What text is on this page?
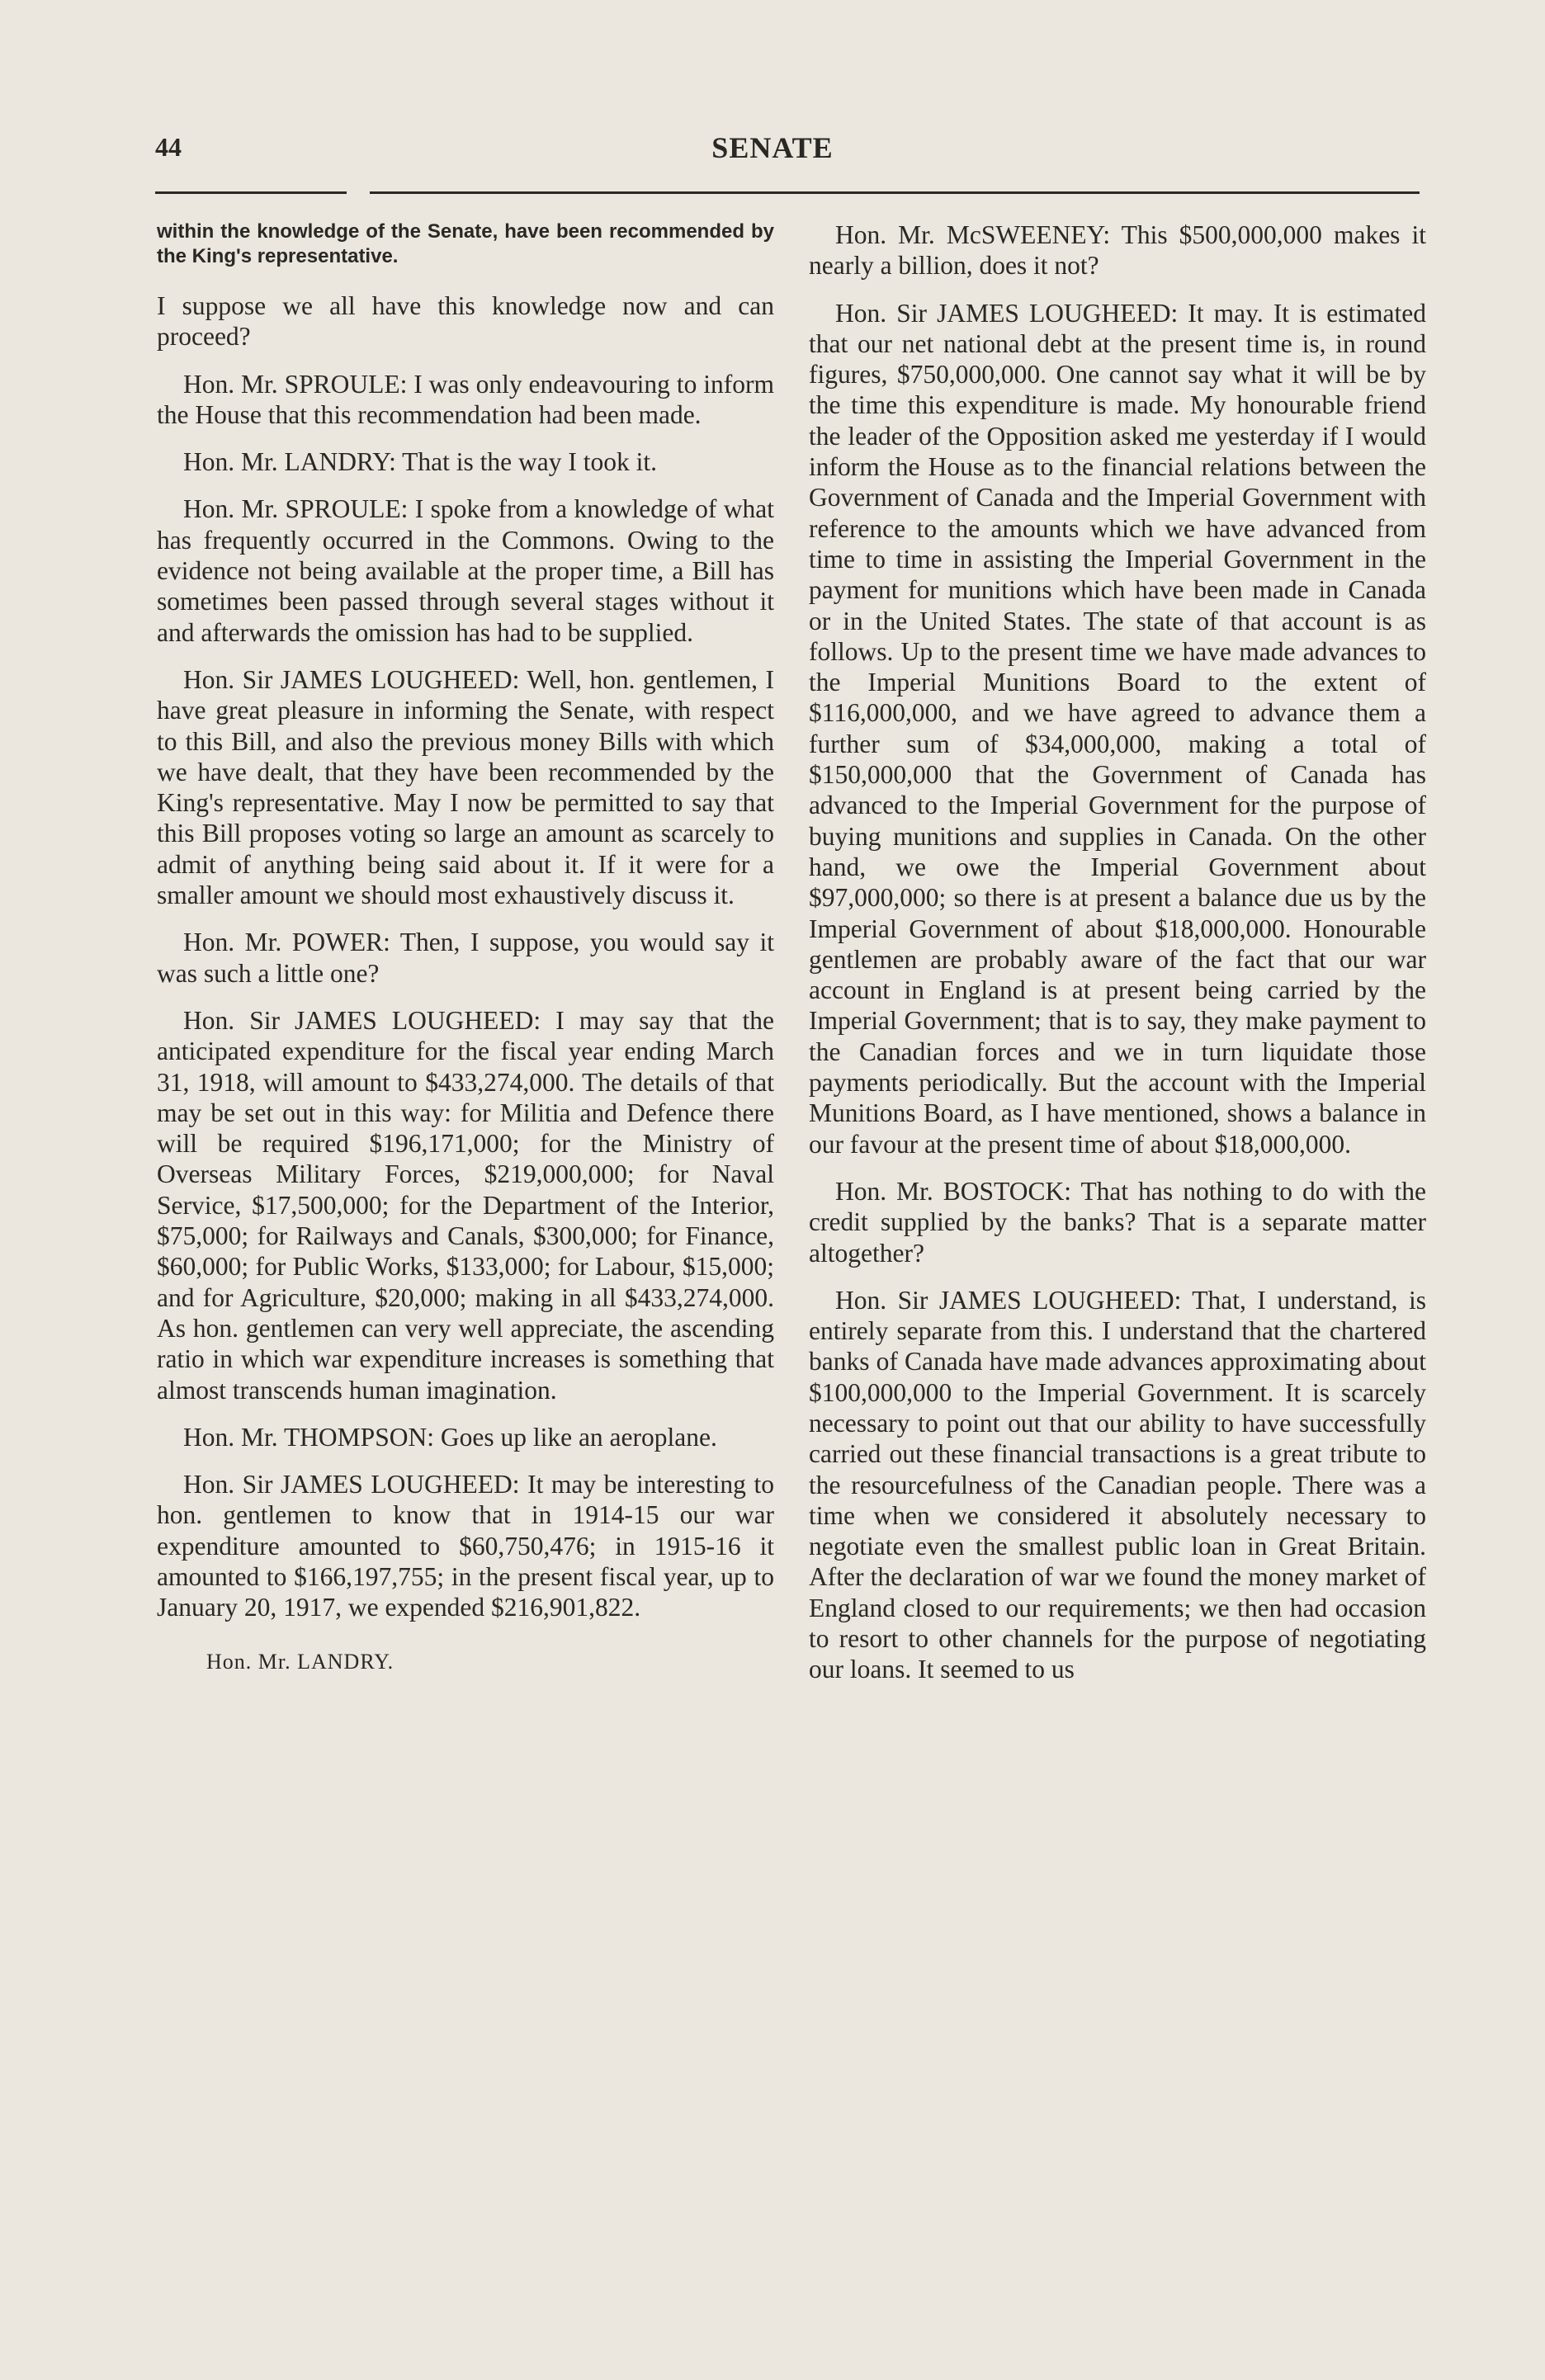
44	SENATE

within the knowledge of the Senate, have been recommended by the King's representative.

I suppose we all have this knowledge now and can proceed?

Hon. Mr. SPROULE: I was only endeavouring to inform the House that this recommendation had been made.

Hon. Mr. LANDRY: That is the way I took it.

Hon. Mr. SPROULE: I spoke from a knowledge of what has frequently occurred in the Commons. Owing to the evidence not being available at the proper time, a Bill has sometimes been passed through several stages without it and afterwards the omission has had to be supplied.

Hon. Sir JAMES LOUGHEED: Well, hon. gentlemen, I have great pleasure in informing the Senate, with respect to this Bill, and also the previous money Bills with which we have dealt, that they have been recommended by the King's representative. May I now be permitted to say that this Bill proposes voting so large an amount as scarcely to admit of anything being said about it. If it were for a smaller amount we should most exhaustively discuss it.

Hon. Mr. POWER: Then, I suppose, you would say it was such a little one?

Hon. Sir JAMES LOUGHEED: I may say that the anticipated expenditure for the fiscal year ending March 31, 1918, will amount to $433,274,000. The details of that may be set out in this way: for Militia and Defence there will be required $196,171,000; for the Ministry of Overseas Military Forces, $219,000,000; for Naval Service, $17,500,000; for the Department of the Interior, $75,000; for Railways and Canals, $300,000; for Finance, $60,000; for Public Works, $133,000; for Labour, $15,000; and for Agriculture, $20,000; making in all $433,274,000. As hon. gentlemen can very well appreciate, the ascending ratio in which war expenditure increases is something that almost transcends human imagination.

Hon. Mr. THOMPSON: Goes up like an aeroplane.

Hon. Sir JAMES LOUGHEED: It may be interesting to hon. gentlemen to know that in 1914-15 our war expenditure amounted to $60,750,476; in 1915-16 it amounted to $166,197,755; in the present fiscal year, up to January 20, 1917, we expended $216,901,822.

Hon. Mr. LANDRY.

Hon. Mr. McSWEENEY: This $500,000,000 makes it nearly a billion, does it not?

Hon. Sir JAMES LOUGHEED: It may. It is estimated that our net national debt at the present time is, in round figures, $750,000,000. One cannot say what it will be by the time this expenditure is made. My honourable friend the leader of the Opposition asked me yesterday if I would inform the House as to the financial relations between the Government of Canada and the Imperial Government with reference to the amounts which we have advanced from time to time in assisting the Imperial Government in the payment for munitions which have been made in Canada or in the United States. The state of that account is as follows. Up to the present time we have made advances to the Imperial Munitions Board to the extent of $116,000,000, and we have agreed to advance them a further sum of $34,000,000, making a total of $150,000,000 that the Government of Canada has advanced to the Imperial Government for the purpose of buying munitions and supplies in Canada. On the other hand, we owe the Imperial Government about $97,000,000; so there is at present a balance due us by the Imperial Government of about $18,000,000. Honourable gentlemen are probably aware of the fact that our war account in England is at present being carried by the Imperial Government; that is to say, they make payment to the Canadian forces and we in turn liquidate those payments periodically. But the account with the Imperial Munitions Board, as I have mentioned, shows a balance in our favour at the present time of about $18,000,000.

Hon. Mr. BOSTOCK: That has nothing to do with the credit supplied by the banks? That is a separate matter altogether?

Hon. Sir JAMES LOUGHEED: That, I understand, is entirely separate from this. I understand that the chartered banks of Canada have made advances approximating about $100,000,000 to the Imperial Government. It is scarcely necessary to point out that our ability to have successfully carried out these financial transactions is a great tribute to the resourcefulness of the Canadian people. There was a time when we considered it absolutely necessary to negotiate even the smallest public loan in Great Britain. After the declaration of war we found the money market of England closed to our requirements; we then had occasion to resort to other channels for the purpose of negotiating our loans. It seemed to us
